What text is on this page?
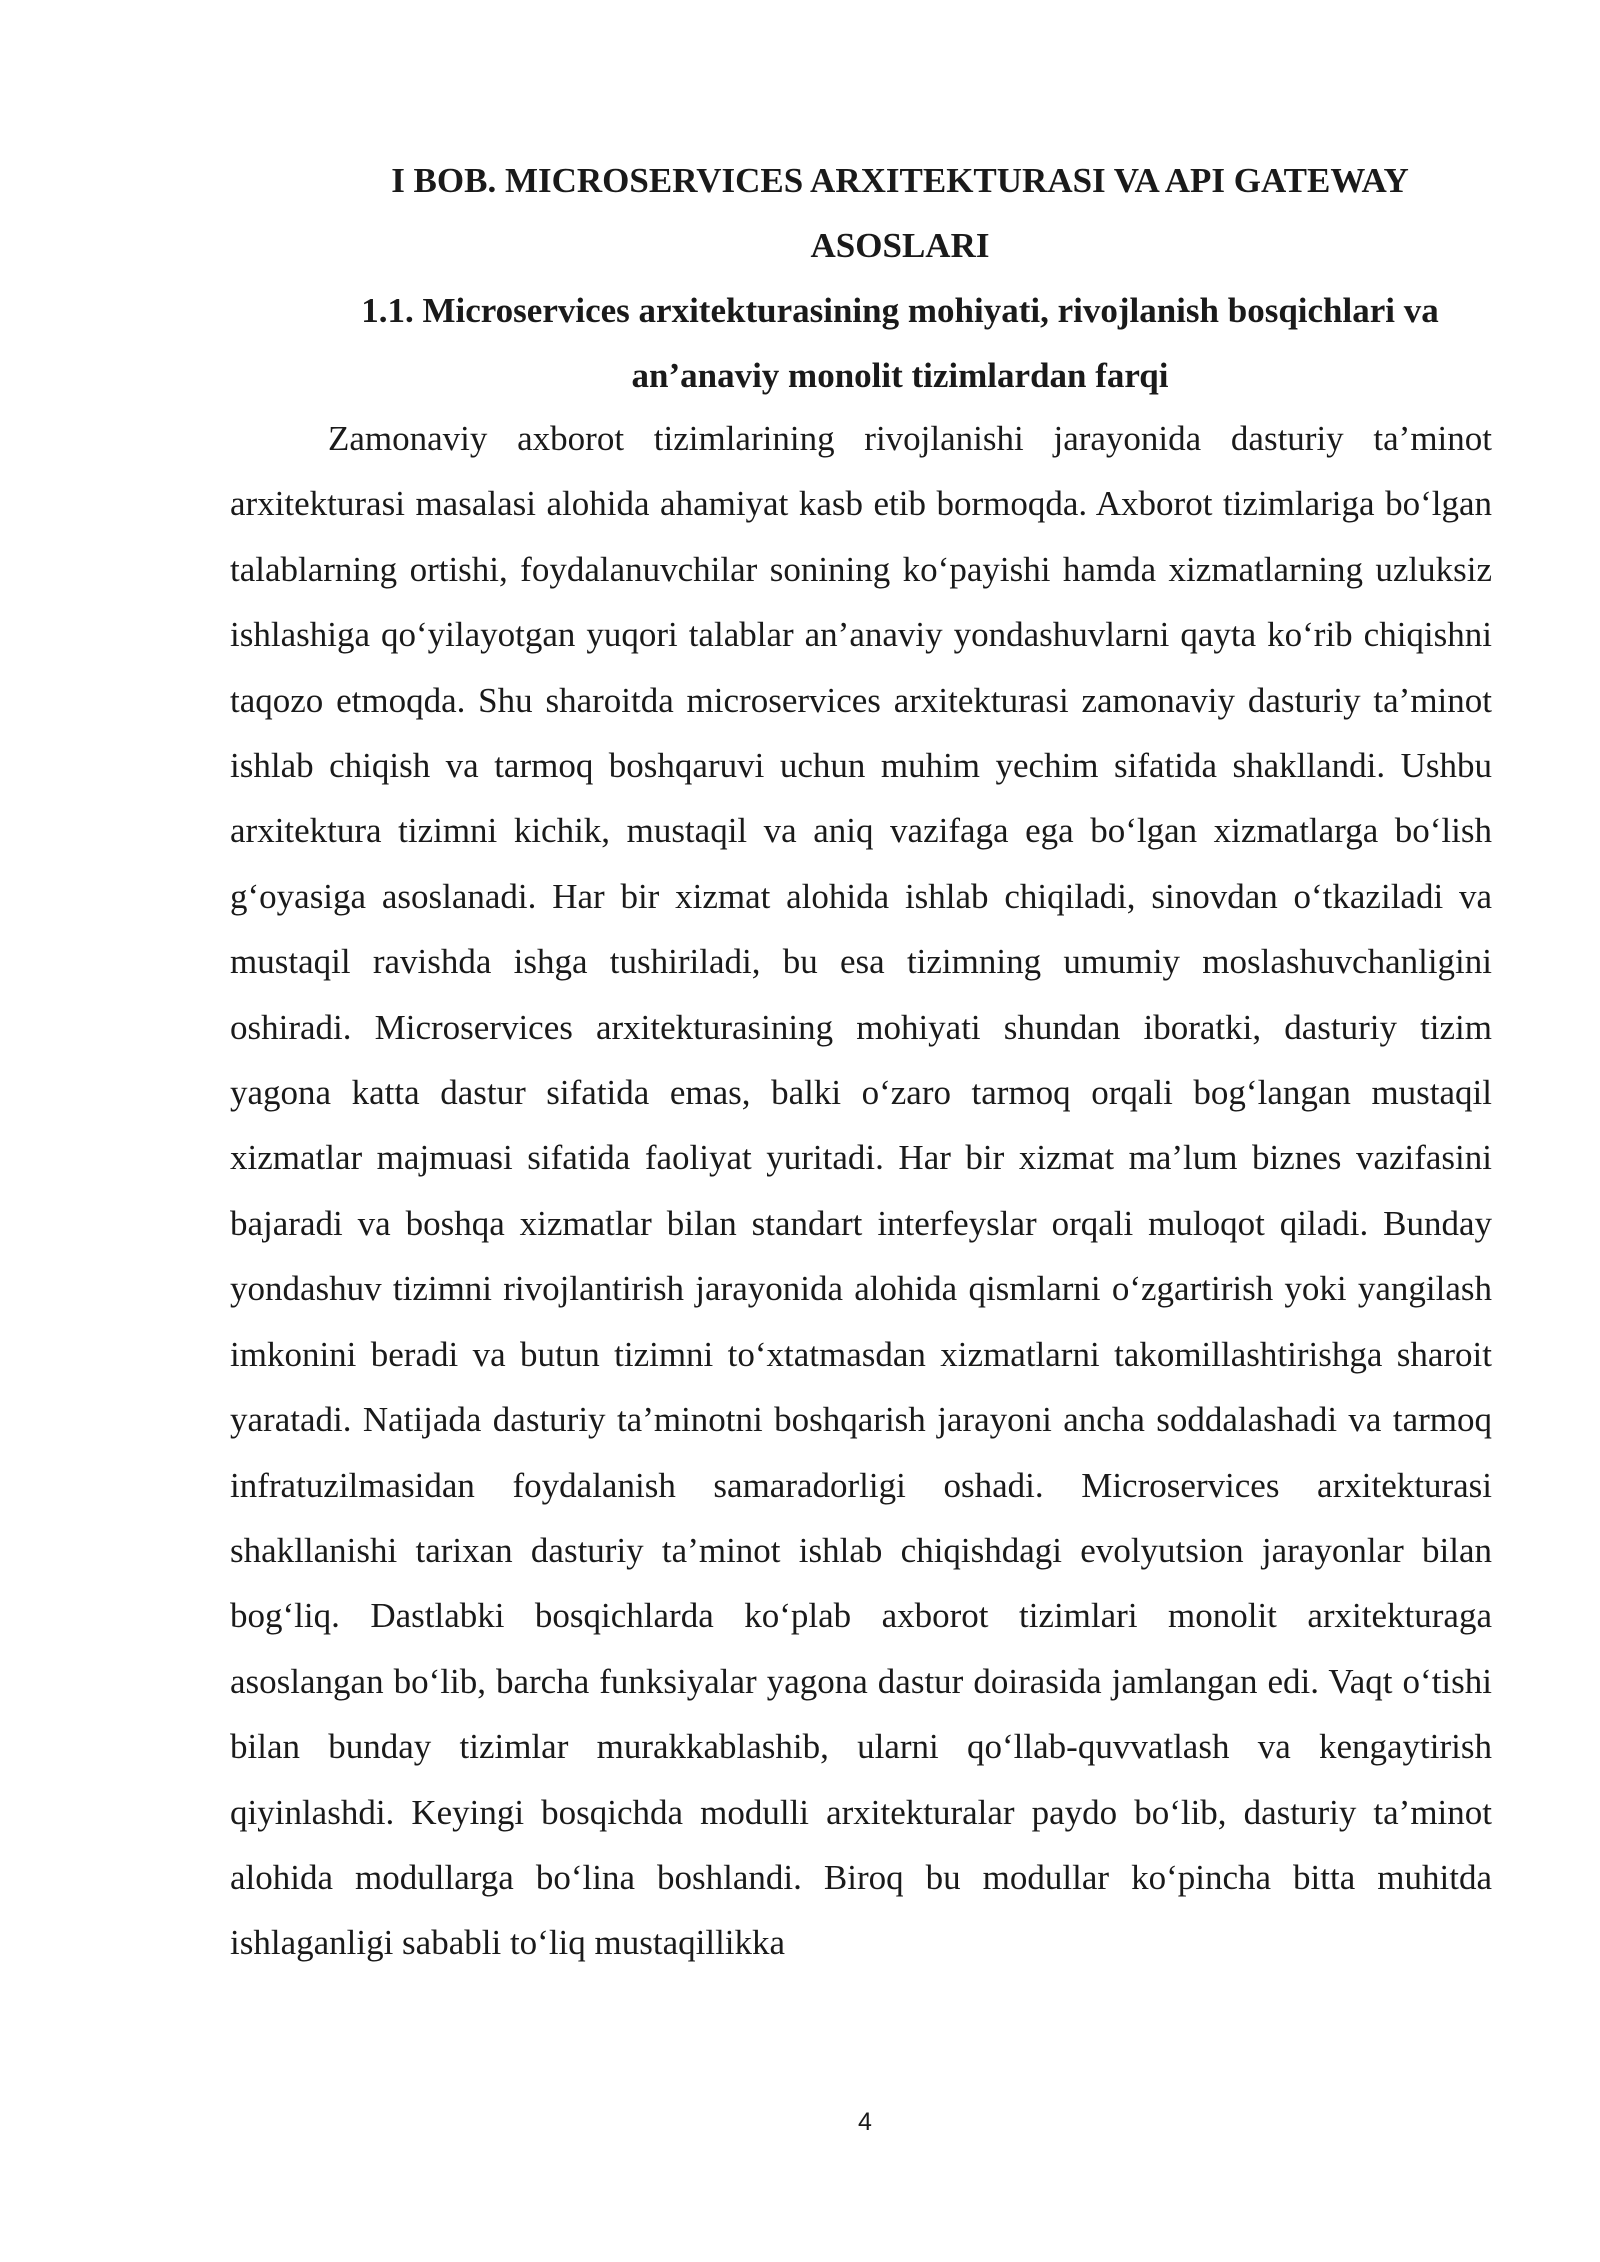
I BOB. MICROSERVICES ARXITEKTURASI VA API GATEWAY ASOSLARI
1.1. Microservices arxitekturasining mohiyati, rivojlanish bosqichlari va an’anaviy monolit tizimlardan farqi

Zamonaviy axborot tizimlarining rivojlanishi jarayonida dasturiy ta’minot arxitekturasi masalasi alohida ahamiyat kasb etib bormoqda. Axborot tizimlariga bo‘lgan talablarning ortishi, foydalanuvchilar sonining ko‘payishi hamda xizmatlarning uzluksiz ishlashiga qo‘yilayotgan yuqori talablar an’anaviy yondashuvlarni qayta ko‘rib chiqishni taqozo etmoqda. Shu sharoitda microservices arxitekturasi zamonaviy dasturiy ta’minot ishlab chiqish va tarmoq boshqaruvi uchun muhim yechim sifatida shakllandi. Ushbu arxitektura tizimni kichik, mustaqil va aniq vazifaga ega bo‘lgan xizmatlarga bo‘lish g‘oyasiga asoslanadi. Har bir xizmat alohida ishlab chiqiladi, sinovdan o‘tkaziladi va mustaqil ravishda ishga tushiriladi, bu esa tizimning umumiy moslashuvchanligini oshiradi. Microservices arxitekturasining mohiyati shundan iboratki, dasturiy tizim yagona katta dastur sifatida emas, balki o‘zaro tarmoq orqali bog‘langan mustaqil xizmatlar majmuasi sifatida faoliyat yuritadi. Har bir xizmat ma’lum biznes vazifasini bajaradi va boshqa xizmatlar bilan standart interfeyslar orqali muloqot qiladi. Bunday yondashuv tizimni rivojlantirish jarayonida alohida qismlarni o‘zgartirish yoki yangilash imkonini beradi va butun tizimni to‘xtatmasdan xizmatlarni takomillashtirishga sharoit yaratadi. Natijada dasturiy ta’minotni boshqarish jarayoni ancha soddalashadi va tarmoq infratuzilmasidan foydalanish samaradorligi oshadi. Microservices arxitekturasi shakllanishi tarixan dasturiy ta’minot ishlab chiqishdagi evolyutsion jarayonlar bilan bog‘liq. Dastlabki bosqichlarda ko‘plab axborot tizimlari monolit arxitekturaga asoslangan bo‘lib, barcha funksiyalar yagona dastur doirasida jamlangan edi. Vaqt o‘tishi bilan bunday tizimlar murakkablashib, ularni qo‘llab-quvvatlash va kengaytirish qiyinlashdi. Keyingi bosqichda modulli arxitekturalar paydo bo‘lib, dasturiy ta’minot alohida modullarga bo‘lina boshlandi. Biroq bu modullar ko‘pincha bitta muhitda ishlaganligi sababli to‘liq mustaqillikka

4
